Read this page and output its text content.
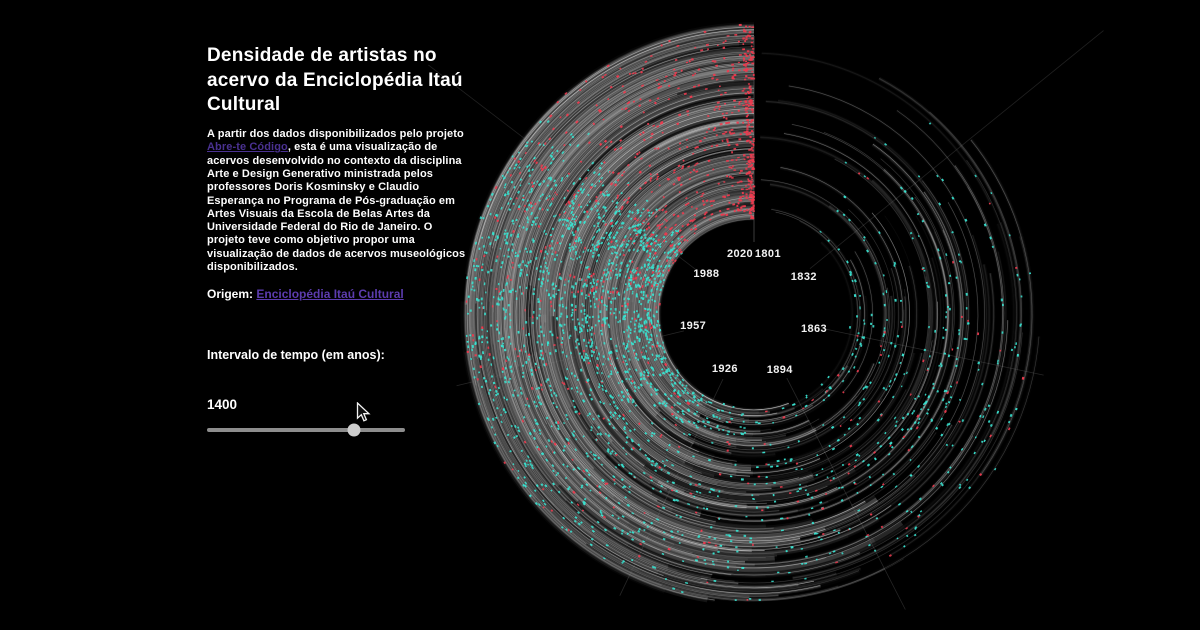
2020 1801
1832
1863
1894
1926
1957
1988
Densidade de artistas no acervo da Enciclopédia Itaú Cultural

A partir dos dados disponibilizados pelo projeto Abre-te Código, esta é uma visualização de acervos desenvolvido no contexto da disciplina Arte e Design Generativo ministrada pelos professores Doris Kosminsky e Claudio Esperança no Programa de Pós-graduação em Artes Visuais da Escola de Belas Artes da Universidade Federal do Rio de Janeiro. O projeto teve como objetivo propor uma visualização de dados de acervos museológicos disponibilizados.

Origem: Enciclopédia Itaú Cultural

Intervalo de tempo (em anos):
1400
